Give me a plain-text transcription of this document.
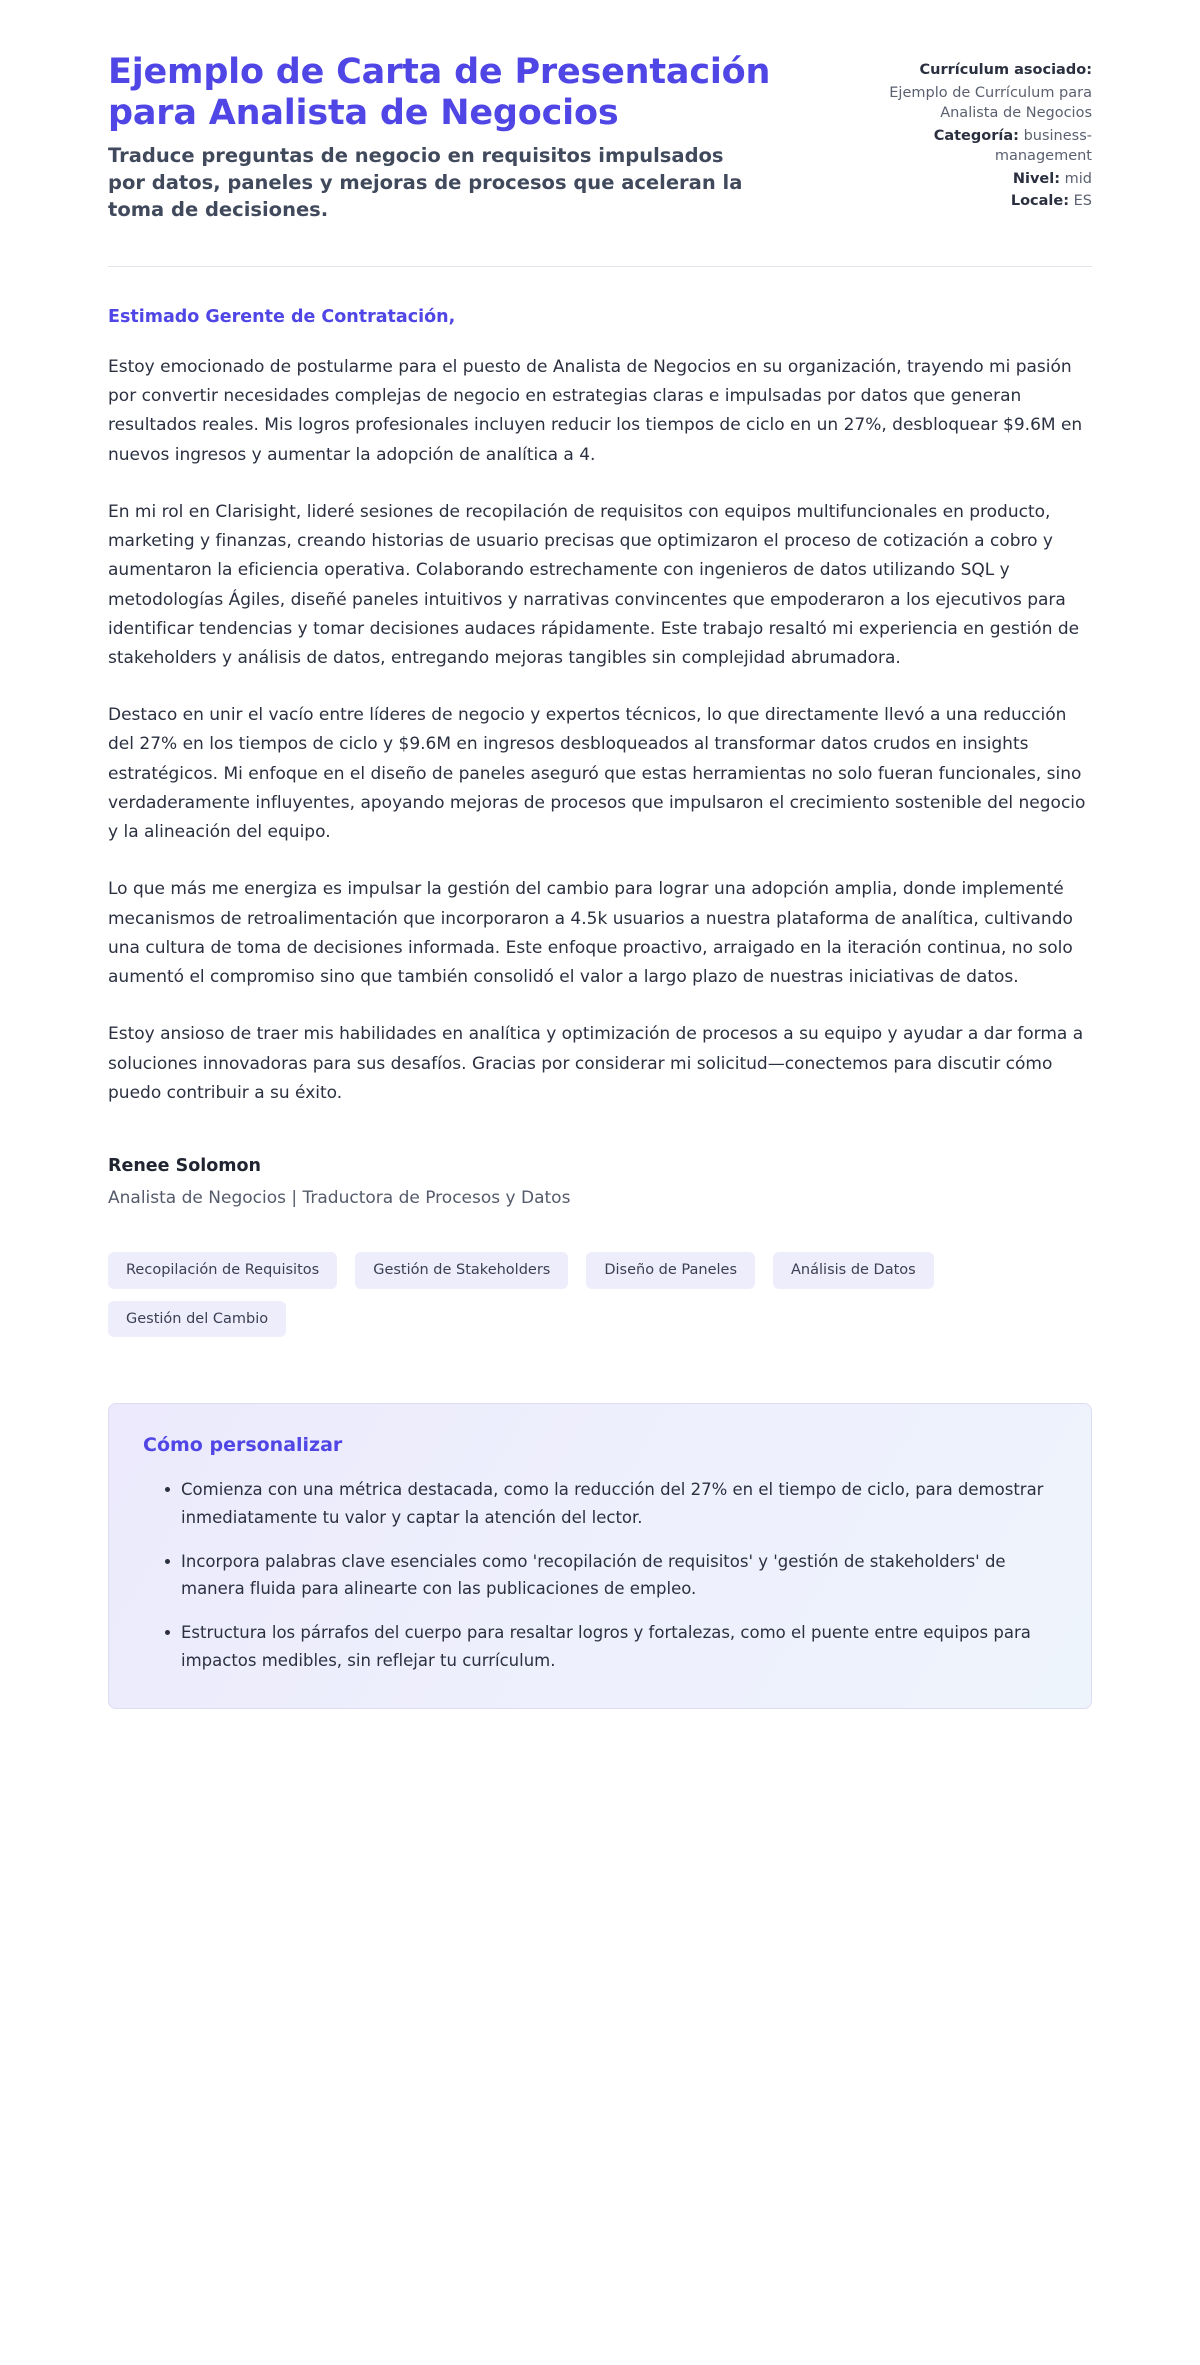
Ejemplo de Carta de Presentación para Analista de Negocios

Traduce preguntas de negocio en requisitos impulsados por datos, paneles y mejoras de procesos que aceleran la toma de decisiones.

Currículum asociado:
Ejemplo de Currículum para Analista de Negocios
Categoría: business-management
Nivel: mid
Locale: ES

Estimado Gerente de Contratación,

Estoy emocionado de postularme para el puesto de Analista de Negocios en su organización, trayendo mi pasión por convertir necesidades complejas de negocio en estrategias claras e impulsadas por datos que generan resultados reales. Mis logros profesionales incluyen reducir los tiempos de ciclo en un 27%, desbloquear $9.6M en nuevos ingresos y aumentar la adopción de analítica a 4.

En mi rol en Clarisight, lideré sesiones de recopilación de requisitos con equipos multifuncionales en producto, marketing y finanzas, creando historias de usuario precisas que optimizaron el proceso de cotización a cobro y aumentaron la eficiencia operativa. Colaborando estrechamente con ingenieros de datos utilizando SQL y metodologías Ágiles, diseñé paneles intuitivos y narrativas convincentes que empoderaron a los ejecutivos para identificar tendencias y tomar decisiones audaces rápidamente. Este trabajo resaltó mi experiencia en gestión de stakeholders y análisis de datos, entregando mejoras tangibles sin complejidad abrumadora.

Destaco en unir el vacío entre líderes de negocio y expertos técnicos, lo que directamente llevó a una reducción del 27% en los tiempos de ciclo y $9.6M en ingresos desbloqueados al transformar datos crudos en insights estratégicos. Mi enfoque en el diseño de paneles aseguró que estas herramientas no solo fueran funcionales, sino verdaderamente influyentes, apoyando mejoras de procesos que impulsaron el crecimiento sostenible del negocio y la alineación del equipo.

Lo que más me energiza es impulsar la gestión del cambio para lograr una adopción amplia, donde implementé mecanismos de retroalimentación que incorporaron a 4.5k usuarios a nuestra plataforma de analítica, cultivando una cultura de toma de decisiones informada. Este enfoque proactivo, arraigado en la iteración continua, no solo aumentó el compromiso sino que también consolidó el valor a largo plazo de nuestras iniciativas de datos.

Estoy ansioso de traer mis habilidades en analítica y optimización de procesos a su equipo y ayudar a dar forma a soluciones innovadoras para sus desafíos. Gracias por considerar mi solicitud—conectemos para discutir cómo puedo contribuir a su éxito.

Renee Solomon

Analista de Negocios | Traductora de Procesos y Datos

Recopilación de Requisitos	Gestión de Stakeholders	Diseño de Paneles	Análisis de Datos
Gestión del Cambio
Cómo personalizar
Comienza con una métrica destacada, como la reducción del 27% en el tiempo de ciclo, para demostrar inmediatamente tu valor y captar la atención del lector.
Incorpora palabras clave esenciales como 'recopilación de requisitos' y 'gestión de stakeholders' de manera fluida para alinearte con las publicaciones de empleo.
Estructura los párrafos del cuerpo para resaltar logros y fortalezas, como el puente entre equipos para impactos medibles, sin reflejar tu currículum.
